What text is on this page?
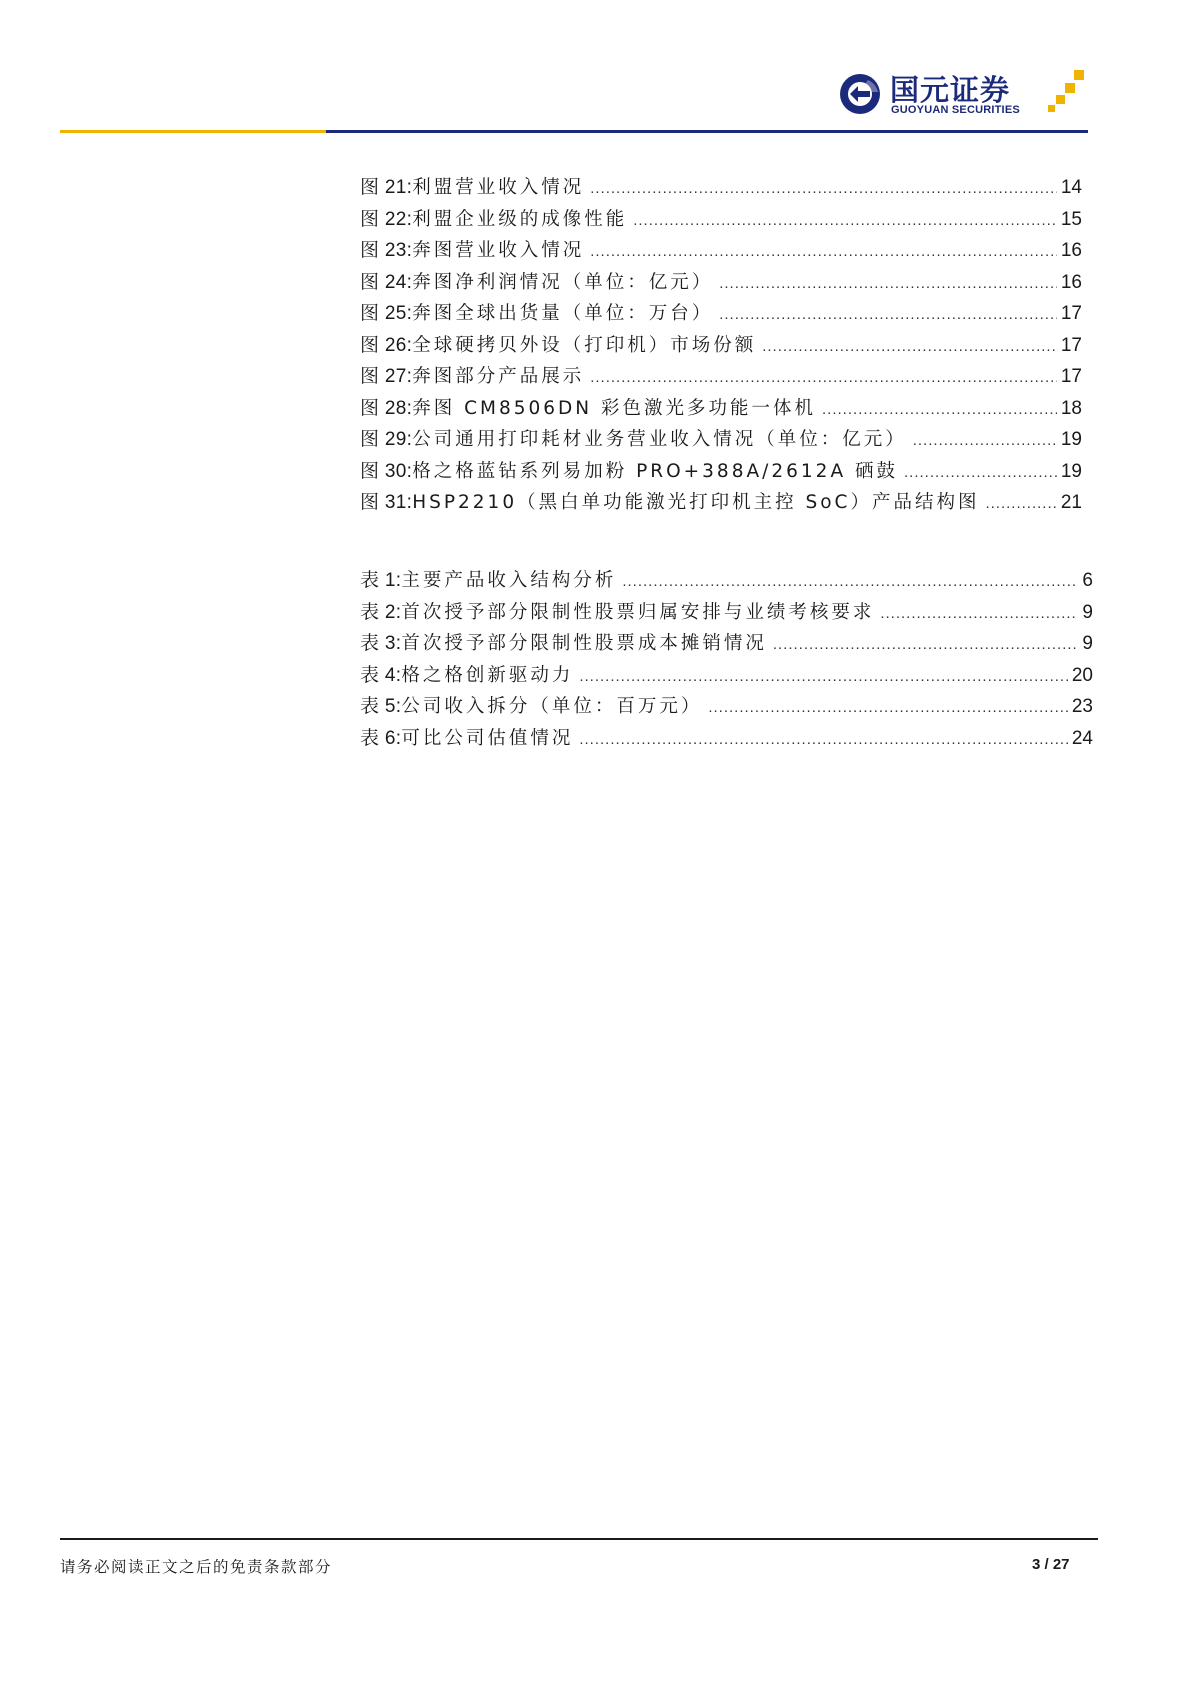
国元证券
GUOYUAN SECURITIES
图 21: 利盟营业收入情况 .....	14
图 22: 利盟企业级的成像性能 .....	15
图 23: 奔图营业收入情况 .....	16
图 24: 奔图净利润情况（单位：亿元） .....	16
图 25: 奔图全球出货量（单位：万台） .....	17
图 26: 全球硬拷贝外设（打印机）市场份额 .....	17
图 27: 奔图部分产品展示 .....	17
图 28: 奔图 CM8506DN 彩色激光多功能一体机 .....	18
图 29: 公司通用打印耗材业务营业收入情况（单位：亿元） .....	19
图 30: 格之格蓝钻系列易加粉 PRO+388A/2612A 硒鼓 .....	19
图 31: HSP2210（黑白单功能激光打印机主控 SoC）产品结构图 .....	21
表 1: 主要产品收入结构分析 .....	6
表 2: 首次授予部分限制性股票归属安排与业绩考核要求 .....	9
表 3: 首次授予部分限制性股票成本摊销情况 .....	9
表 4: 格之格创新驱动力 .....	20
表 5: 公司收入拆分（单位：百万元） .....	23
表 6: 可比公司估值情况 .....	24
请务必阅读正文之后的免责条款部分	3 / 27
